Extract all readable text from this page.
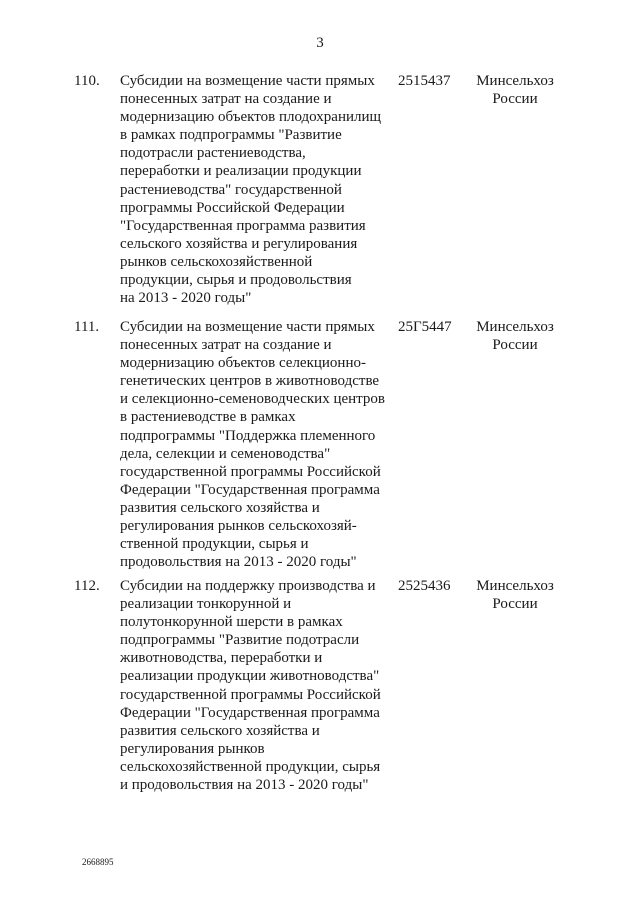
3
110. Субсидии на возмещение части прямых
понесенных затрат на создание и
модернизацию объектов плодохранилищ
в рамках подпрограммы "Развитие
подотрасли растениеводства,
переработки и реализации продукции
растениеводства" государственной
программы Российской Федерации
"Государственная программа развития
сельского хозяйства и регулирования
рынков сельскохозяйственной
продукции, сырья и продовольствия
на 2013 - 2020 годы"
2515437	Минсельхоз
России
111. Субсидии на возмещение части прямых
понесенных затрат на создание и
модернизацию объектов селекционно-
генетических центров в животноводстве
и селекционно-семеноводческих центров
в растениеводстве в рамках
подпрограммы "Поддержка племенного
дела, селекции и семеноводства"
государственной программы Российской
Федерации "Государственная программа
развития сельского хозяйства и
регулирования рынков сельскохозяй-
ственной продукции, сырья и
продовольствия на 2013 - 2020 годы"
25Г5447	Минсельхоз
России
112. Субсидии на поддержку производства и
реализации тонкорунной и
полутонкорунной шерсти в рамках
подпрограммы "Развитие подотрасли
животноводства, переработки и
реализации продукции животноводства"
государственной программы Российской
Федерации "Государственная программа
развития сельского хозяйства и
регулирования рынков
сельскохозяйственной продукции, сырья
и продовольствия на 2013 - 2020 годы"
2525436	Минсельхоз
России
2668895
